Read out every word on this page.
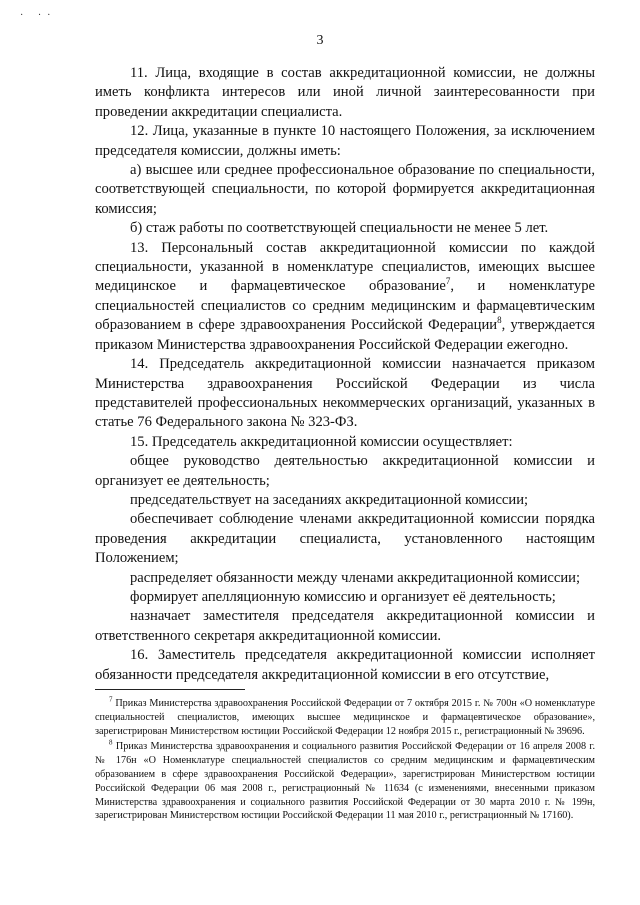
· ··
3

11. Лица, входящие в состав аккредитационной комиссии, не должны иметь конфликта интересов или иной личной заинтересованности при проведении аккредитации специалиста.

12. Лица, указанные в пункте 10 настоящего Положения, за исключением председателя комиссии, должны иметь:

а) высшее или среднее профессиональное образование по специальности, соответствующей специальности, по которой формируется аккредитационная комиссия;

б) стаж работы по соответствующей специальности не менее 5 лет.

13. Персональный состав аккредитационной комиссии по каждой специальности, указанной в номенклатуре специалистов, имеющих высшее медицинское и фармацевтическое образование$^7$, и номенклатуре специальностей специалистов со средним медицинским и фармацевтическим образованием в сфере здравоохранения Российской Федерации$^8$, утверждается приказом Министерства здравоохранения Российской Федерации ежегодно.

14. Председатель аккредитационной комиссии назначается приказом Министерства здравоохранения Российской Федерации из числа представителей профессиональных некоммерческих организаций, указанных в статье 76 Федерального закона № 323-ФЗ.

15. Председатель аккредитационной комиссии осуществляет:

общее руководство деятельностью аккредитационной комиссии и организует ее деятельность;

председательствует на заседаниях аккредитационной комиссии;

обеспечивает соблюдение членами аккредитационной комиссии порядка проведения аккредитации специалиста, установленного настоящим Положением;

распределяет обязанности между членами аккредитационной комиссии;

формирует апелляционную комиссию и организует её деятельность;

назначает заместителя председателя аккредитационной комиссии и ответственного секретаря аккредитационной комиссии.

16. Заместитель председателя аккредитационной комиссии исполняет обязанности председателя аккредитационной комиссии в его отсутствие,

$^7$ Приказ Министерства здравоохранения Российской Федерации от 7 октября 2015 г. № 700н «О номенклатуре специальностей специалистов, имеющих высшее медицинское и фармацевтическое образование», зарегистрирован Министерством юстиции Российской Федерации 12 ноября 2015 г., регистрационный № 39696.

$^8$ Приказ Министерства здравоохранения и социального развития Российской Федерации от 16 апреля 2008 г. № 176н «О Номенклатуре специальностей специалистов со средним медицинским и фармацевтическим образованием в сфере здравоохранения Российской Федерации», зарегистрирован Министерством юстиции Российской Федерации 06 мая 2008 г., регистрационный № 11634 (с изменениями, внесенными приказом Министерства здравоохранения и социального развития Российской Федерации от 30 марта 2010 г. № 199н, зарегистрирован Министерством юстиции Российской Федерации 11 мая 2010 г., регистрационный № 17160).
